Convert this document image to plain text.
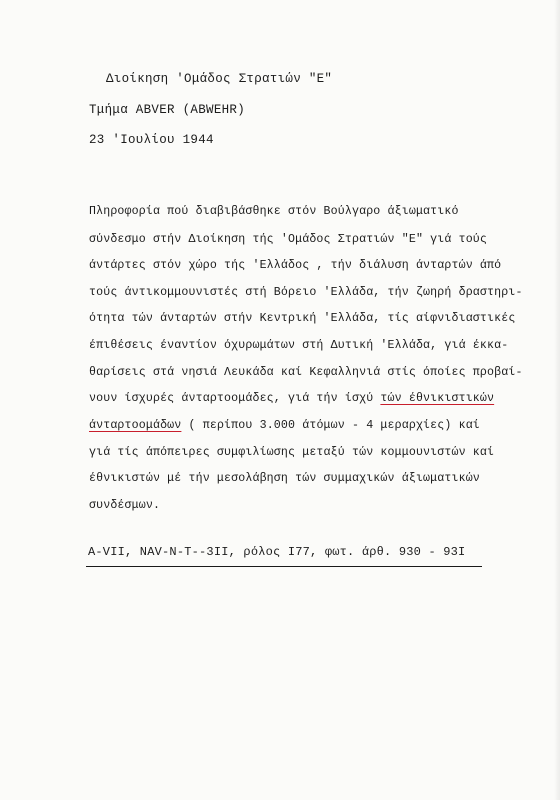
Διοίκηση 'Ομάδος Στρατιών "Ε"
Τμήμα ABVER (ABWEHR)
23 'Ιουλίου 1944
Πληροφορία πού διαβιβάσθηκε στόν Βούλγαρο άξιωματικό
σύνδεσμο στήν Διοίκηση τής 'Ομάδος Στρατιών "Ε" γιά τούς
άντάρτες στόν χώρο τής 'Ελλάδος , τήν διάλυση άνταρτών άπό
τούς άντικομμουνιστές στή Βόρειο 'Ελλάδα, τήν ζωηρή δραστηρι-
ότητα τών άνταρτών στήν Κεντρική 'Ελλάδα, τίς αίφνιδιαστικές
έπιθέσεις έναντίον όχυρωμάτων στή Δυτική 'Ελλάδα, γιά έκκα-
θαρίσεις στά νησιά Λευκάδα καί Κεφαλληνιά στίς όποίες προβαί-
νουν ίσχυρές άνταρτοομάδες, γιά τήν ίσχύ τών έθνικιστικών
άνταρτοομάδων ( περίπου 3.000 άτόμων - 4 μεραρχίες) καί
γιά τίς άπόπειρες συμφιλίωσης μεταξύ τών κομμουνιστών καί
έθνικιστών μέ τήν μεσολάβηση τών συμμαχικών άξιωματικών
συνδέσμων.
A-VII, NAV-N-T--3II, ρόλος I77, φωτ. άρθ. 930 - 93I
